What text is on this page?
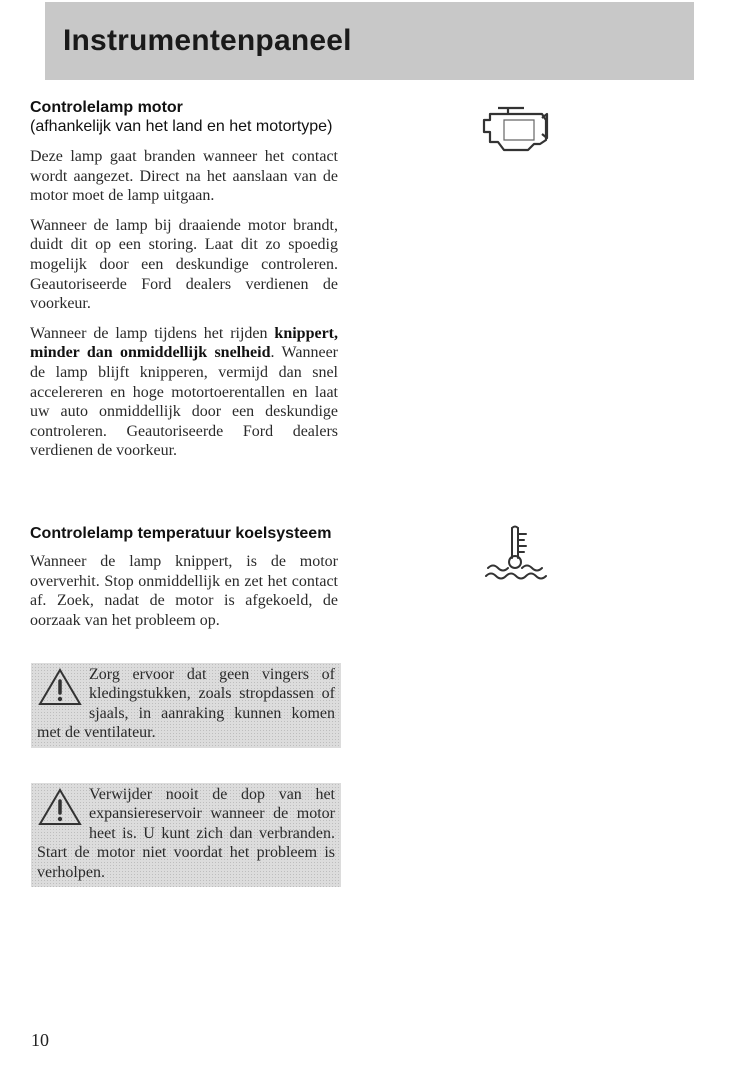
Instrumentenpaneel
Controlelamp motor
(afhankelijk van het land en het motortype)

Deze lamp gaat branden wanneer het contact wordt aangezet. Direct na het aanslaan van de motor moet de lamp uitgaan.

Wanneer de lamp bij draaiende motor brandt, duidt dit op een storing. Laat dit zo spoedig mogelijk door een deskundige controleren. Geautoriseerde Ford dealers verdienen de voorkeur.

Wanneer de lamp tijdens het rijden knippert, minder dan onmiddellijk snelheid. Wanneer de lamp blijft knipperen, vermijd dan snel accelereren en hoge motortoerentallen en laat uw auto onmiddellijk door een deskundige controleren. Geautoriseerde Ford dealers verdienen de voorkeur.

Controlelamp temperatuur koelsysteem

Wanneer de lamp knippert, is de motor oververhit. Stop onmiddellijk en zet het contact af. Zoek, nadat de motor is afgekoeld, de oorzaak van het probleem op.

Zorg ervoor dat geen vingers of kledingstukken, zoals stropdassen of sjaals, in aanraking kunnen komen met de ventilateur.
Verwijder nooit de dop van het expansiereservoir wanneer de motor heet is. U kunt zich dan verbranden. Start de motor niet voordat het probleem is verholpen.
10
